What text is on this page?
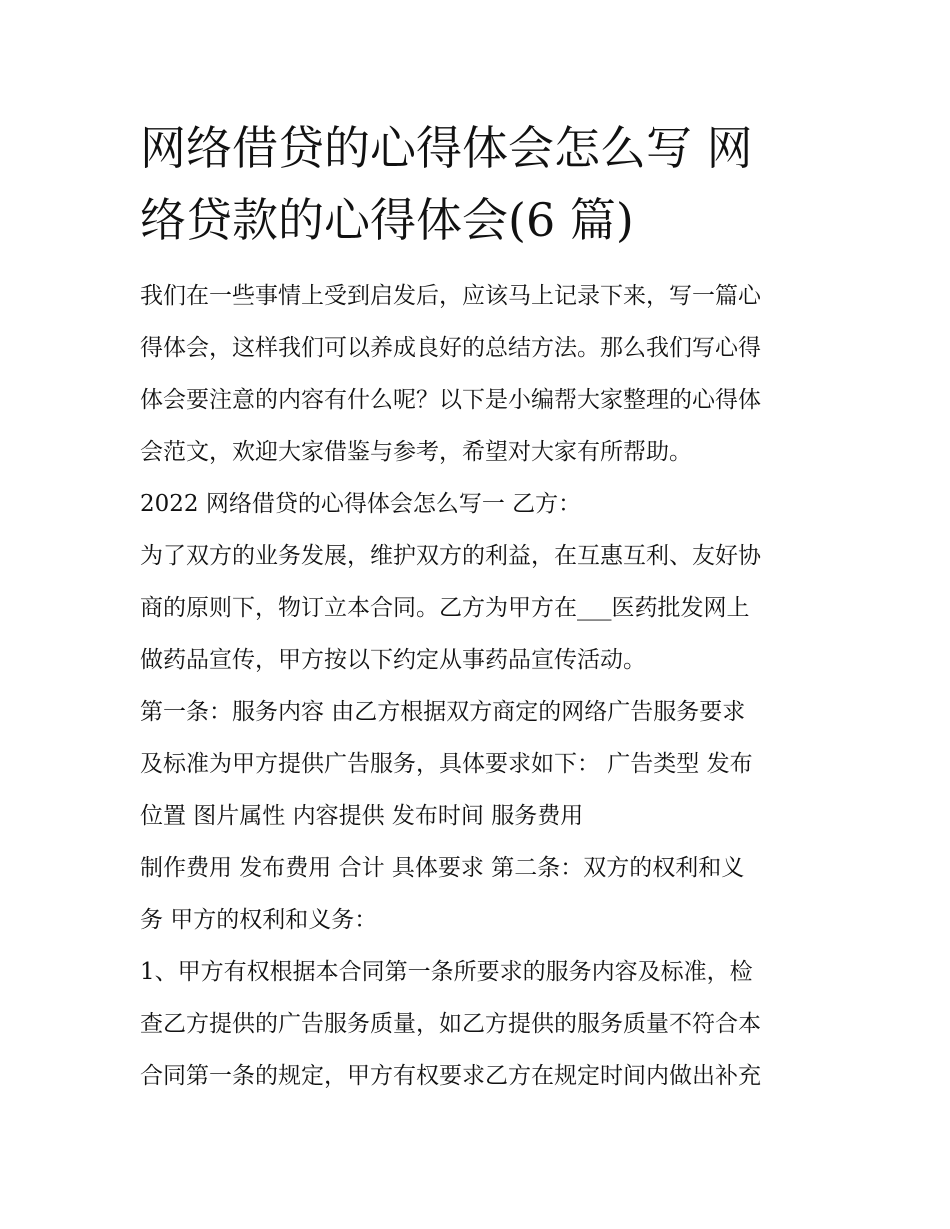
网络借贷的心得体会怎么写 网
络贷款的心得体会(6 篇)
我们在一些事情上受到启发后，应该马上记录下来，写一篇心
得体会，这样我们可以养成良好的总结方法。那么我们写心得
体会要注意的内容有什么呢？以下是小编帮大家整理的心得体
会范文，欢迎大家借鉴与参考，希望对大家有所帮助。
2022 网络借贷的心得体会怎么写一 乙方：
为了双方的业务发展，维护双方的利益，在互惠互利、友好协
商的原则下，物订立本合同。乙方为甲方在___医药批发网上
做药品宣传，甲方按以下约定从事药品宣传活动。
第一条：服务内容 由乙方根据双方商定的网络广告服务要求
及标准为甲方提供广告服务，具体要求如下： 广告类型 发布
位置 图片属性 内容提供 发布时间 服务费用
制作费用 发布费用 合计 具体要求 第二条：双方的权利和义
务 甲方的权利和义务：
1、甲方有权根据本合同第一条所要求的服务内容及标准，检
查乙方提供的广告服务质量，如乙方提供的服务质量不符合本
合同第一条的规定，甲方有权要求乙方在规定时间内做出补充
